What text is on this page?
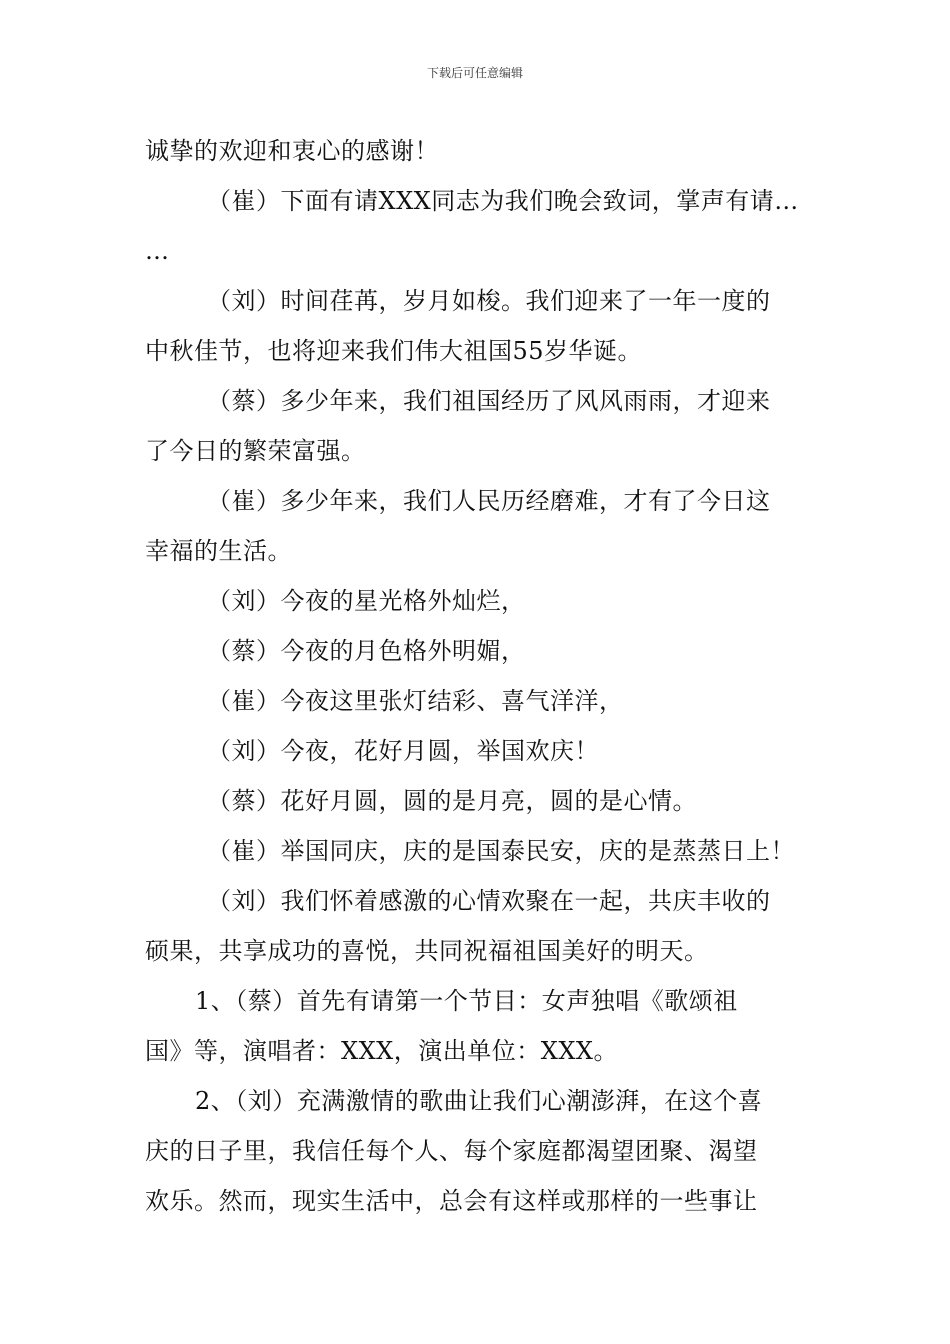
下载后可任意编辑
诚挚的欢迎和衷心的感谢！
（崔）下面有请XXX同志为我们晚会致词，掌声有请…
…
（刘）时间荏苒，岁月如梭。我们迎来了一年一度的
中秋佳节，也将迎来我们伟大祖国55岁华诞。
（蔡）多少年来，我们祖国经历了风风雨雨，才迎来
了今日的繁荣富强。
（崔）多少年来，我们人民历经磨难，才有了今日这
幸福的生活。
（刘）今夜的星光格外灿烂，
（蔡）今夜的月色格外明媚，
（崔）今夜这里张灯结彩、喜气洋洋，
（刘）今夜，花好月圆，举国欢庆！
（蔡）花好月圆，圆的是月亮，圆的是心情。
（崔）举国同庆，庆的是国泰民安，庆的是蒸蒸日上！
（刘）我们怀着感激的心情欢聚在一起，共庆丰收的
硕果，共享成功的喜悦，共同祝福祖国美好的明天。
1、（蔡）首先有请第一个节目：女声独唱《歌颂祖
国》等，演唱者：XXX，演出单位：XXX。
2、（刘）充满激情的歌曲让我们心潮澎湃，在这个喜
庆的日子里，我信任每个人、每个家庭都渴望团聚、渴望
欢乐。然而，现实生活中，总会有这样或那样的一些事让
